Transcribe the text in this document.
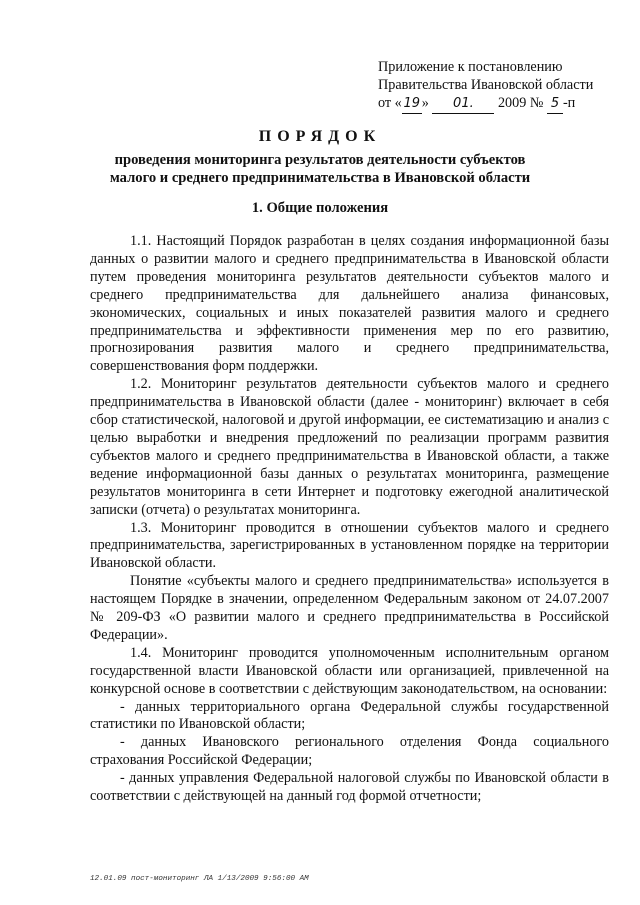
Приложение к постановлению
Правительства Ивановской области
от « 19 » 01. 2009 № 5 -п
ПОРЯДОК
проведения мониторинга результатов деятельности субъектов малого и среднего предпринимательства в Ивановской области
1. Общие положения

1.1. Настоящий Порядок разработан в целях создания информационной базы данных о развитии малого и среднего предпринимательства в Ивановской области путем проведения мониторинга результатов деятельности субъектов малого и среднего предпринимательства для дальнейшего анализа финансовых, экономических, социальных и иных показателей развития малого и среднего предпринимательства и эффективности применения мер по его развитию, прогнозирования развития малого и среднего предпринимательства, совершенствования форм поддержки.

1.2. Мониторинг результатов деятельности субъектов малого и среднего предпринимательства в Ивановской области (далее - мониторинг) включает в себя сбор статистической, налоговой и другой информации, ее систематизацию и анализ с целью выработки и внедрения предложений по реализации программ развития субъектов малого и среднего предпринимательства в Ивановской области, а также ведение информационной базы данных о результатах мониторинга, размещение результатов мониторинга в сети Интернет и подготовку ежегодной аналитической записки (отчета) о результатах мониторинга.

1.3. Мониторинг проводится в отношении субъектов малого и среднего предпринимательства, зарегистрированных в установленном порядке на территории Ивановской области.

Понятие «субъекты малого и среднего предпринимательства» используется в настоящем Порядке в значении, определенном Федеральным законом от 24.07.2007 № 209-ФЗ «О развитии малого и среднего предпринимательства в Российской Федерации».

1.4. Мониторинг проводится уполномоченным исполнительным органом государственной власти Ивановской области или организацией, привлеченной на конкурсной основе в соответствии с действующим законодательством, на основании:

- данных территориального органа Федеральной службы государственной статистики по Ивановской области;

- данных Ивановского регионального отделения Фонда социального страхования Российской Федерации;

- данных управления Федеральной налоговой службы по Ивановской области в соответствии с действующей на данный год формой отчетности;

12.01.09 пост-мониторинг ЛА 1/13/2009 9:56:00 AM
